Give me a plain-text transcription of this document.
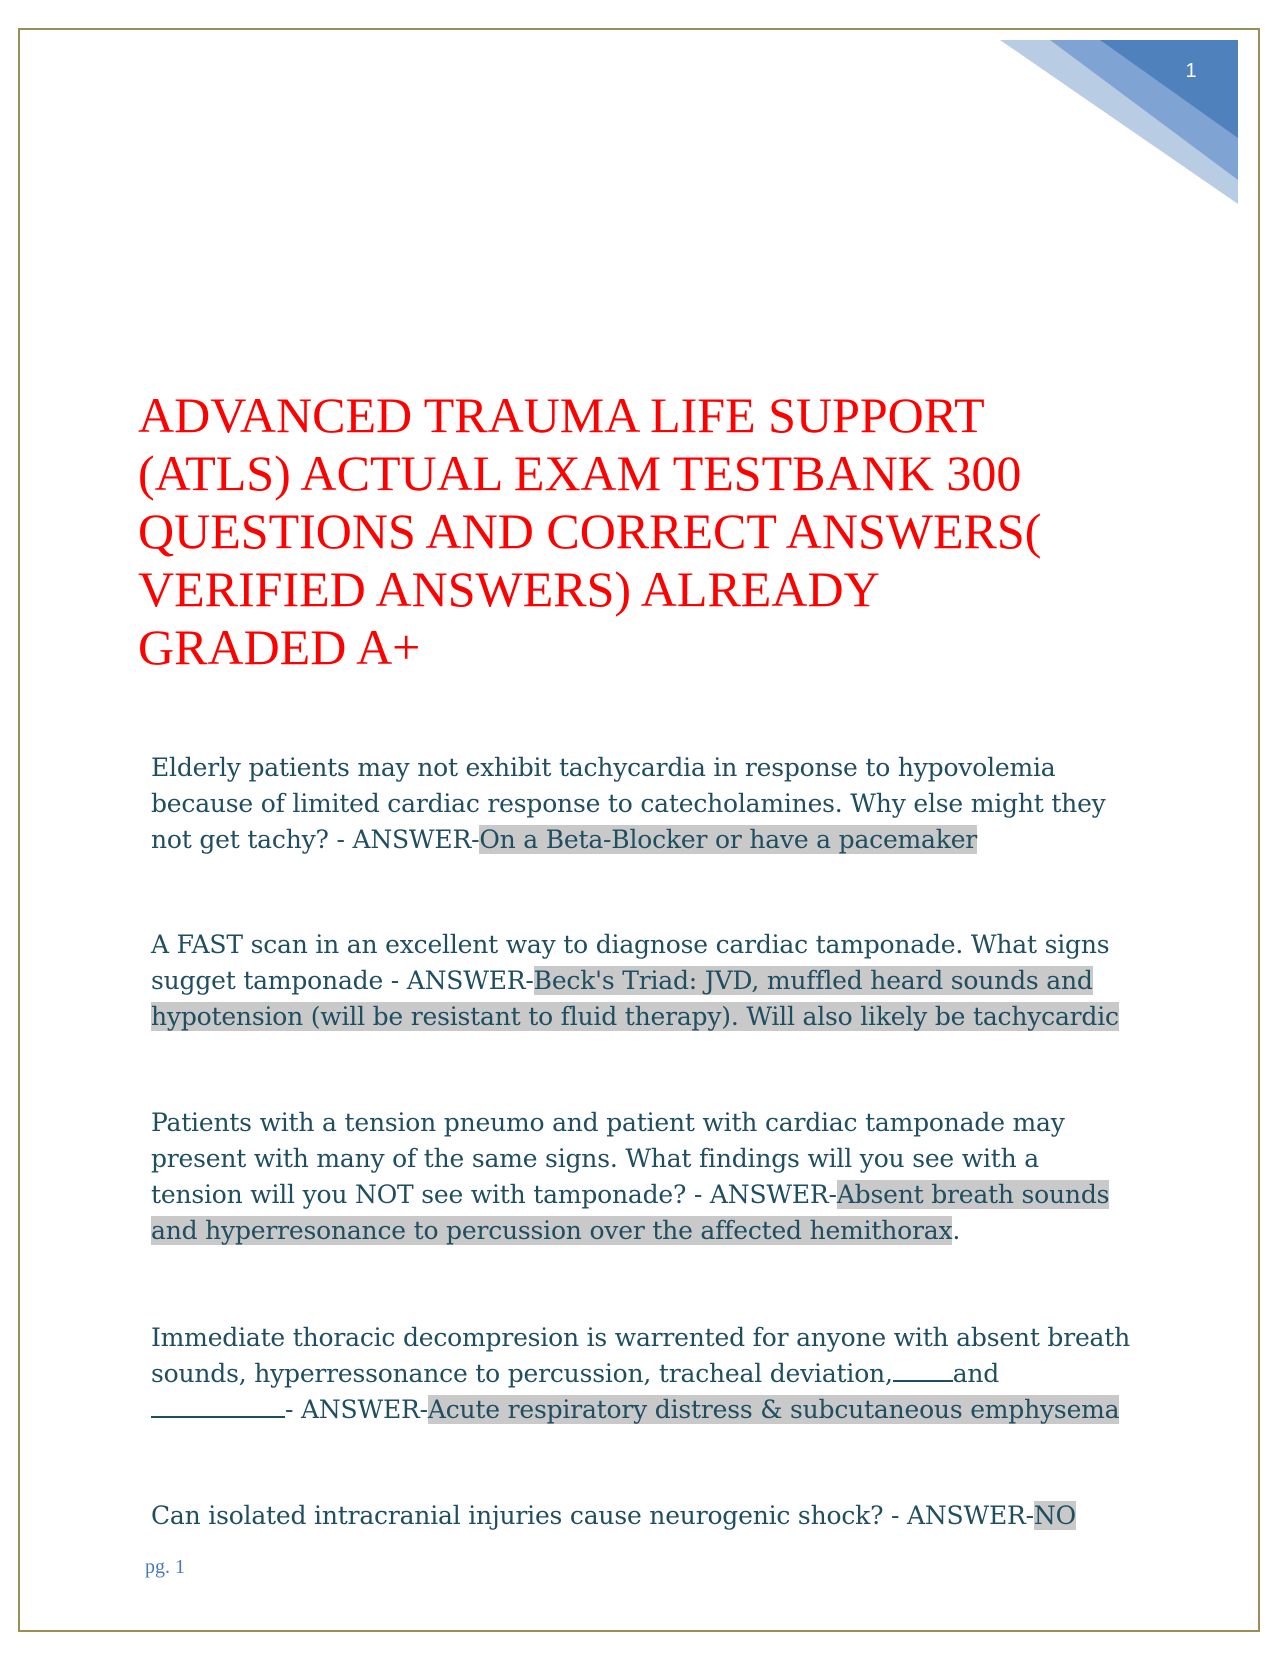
1
ADVANCED TRAUMA LIFE SUPPORT (ATLS) ACTUAL EXAM TESTBANK 300 QUESTIONS AND CORRECT ANSWERS( VERIFIED ANSWERS) ALREADY GRADED A+

Elderly patients may not exhibit tachycardia in response to hypovolemia because of limited cardiac response to catecholamines. Why else might they not get tachy? - ANSWER-On a Beta-Blocker or have a pacemaker

A FAST scan in an excellent way to diagnose cardiac tamponade. What signs sugget tamponade - ANSWER-Beck's Triad: JVD, muffled heard sounds and hypotension (will be resistant to fluid therapy). Will also likely be tachycardic

Patients with a tension pneumo and patient with cardiac tamponade may present with many of the same signs. What findings will you see with a tension will you NOT see with tamponade? - ANSWER-Absent breath sounds and hyperresonance to percussion over the affected hemithorax.

Immediate thoracic decompresion is warrented for anyone with absent breath sounds, hyperressonance to percussion, tracheal deviation, and
- ANSWER-Acute respiratory distress & subcutaneous emphysema

Can isolated intracranial injuries cause neurogenic shock? - ANSWER-NO

pg. 1
